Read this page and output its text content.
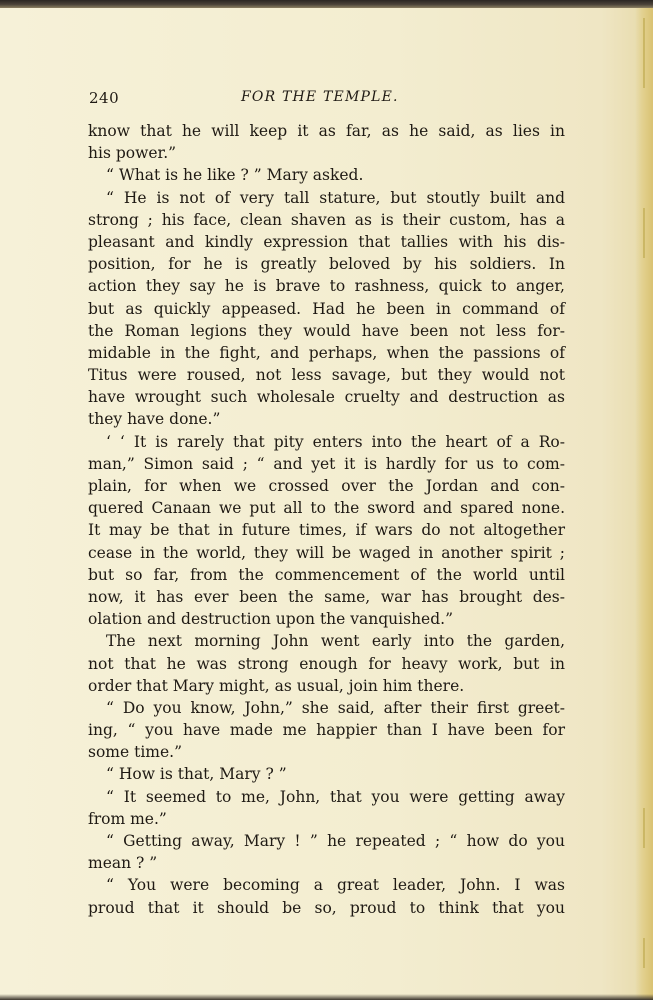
240	FOR THE TEMPLE.
know that he will keep it as far, as he said, as lies in
his power.”
“ What is he like ? ” Mary asked.
“ He is not of very tall stature, but stoutly built and
strong ; his face, clean shaven as is their custom, has a
pleasant and kindly expression that tallies with his dis-
position, for he is greatly beloved by his soldiers. In
action they say he is brave to rashness, quick to anger,
but as quickly appeased. Had he been in command of
the Roman legions they would have been not less for-
midable in the fight, and perhaps, when the passions of
Titus were roused, not less savage, but they would not
have wrought such wholesale cruelty and destruction as
they have done.”
‘ ‘ It is rarely that pity enters into the heart of a Ro-
man,” Simon said ; “ and yet it is hardly for us to com-
plain, for when we crossed over the Jordan and con-
quered Canaan we put all to the sword and spared none.
It may be that in future times, if wars do not altogether
cease in the world, they will be waged in another spirit ;
but so far, from the commencement of the world until
now, it has ever been the same, war has brought des-
olation and destruction upon the vanquished.”
The next morning John went early into the garden,
not that he was strong enough for heavy work, but in
order that Mary might, as usual, join him there.
“ Do you know, John,” she said, after their first greet-
ing, “ you have made me happier than I have been for
some time.”
“ How is that, Mary ? ”
“ It seemed to me, John, that you were getting away
from me.”
“ Getting away, Mary ! ” he repeated ; “ how do you
mean ? ”
“ You were becoming a great leader, John. I was
proud that it should be so, proud to think that you
